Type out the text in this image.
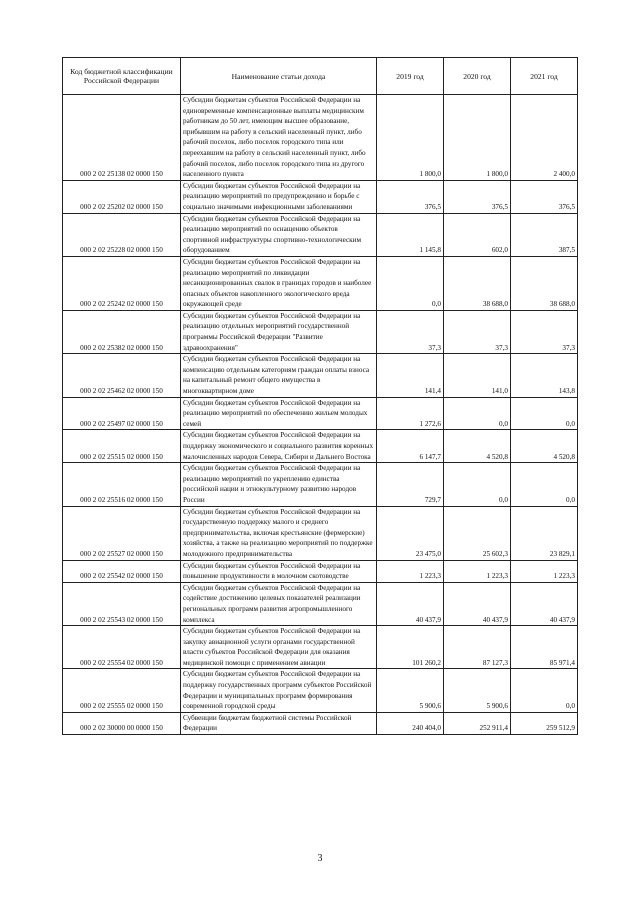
Код бюджетной классификации Российской Федерации	Наименование статьи дохода	2019 год	2020 год	2021 год
000 2 02 25138 02 0000 150	Субсидии бюджетам субъектов Российской Федерации на единовременные компенсационные выплаты медицинским работникам до 50 лет, имеющим высшее образование, прибывшим на работу в сельский населенный пункт, либо рабочий поселок, либо поселок городского типа или переехавшим на работу в сельский населенный пункт, либо рабочий поселок, либо поселок городского типа из другого населенного пункта	1 800,0	1 800,0	2 400,0
000 2 02 25202 02 0000 150	Субсидии бюджетам субъектов Российской Федерации на реализацию мероприятий по предупреждению и борьбе с социально значимыми инфекционными заболеваниями	376,5	376,5	376,5
000 2 02 25228 02 0000 150	Субсидии бюджетам субъектов Российской Федерации на реализацию мероприятий по оснащению объектов спортивной инфраструктуры спортивно-технологическим оборудованием	1 145,8	602,0	387,5
000 2 02 25242 02 0000 150	Субсидии бюджетам субъектов Российской Федерации на реализацию мероприятий по ликвидации несанкционированных свалок в границах городов и наиболее опасных объектов накопленного экологического вреда окружающей среде	0,0	38 688,0	38 688,0
000 2 02 25382 02 0000 150	Субсидии бюджетам субъектов Российской Федерации на реализацию отдельных мероприятий государственной программы Российской Федерации "Развитие здравоохранения"	37,3	37,3	37,3
000 2 02 25462 02 0000 150	Субсидии бюджетам субъектов Российской Федерации на компенсацию отдельным категориям граждан оплаты взноса на капитальный ремонт общего имущества в многоквартирном доме	141,4	141,0	143,8
000 2 02 25497 02 0000 150	Субсидии бюджетам субъектов Российской Федерации на реализацию мероприятий по обеспечению жильем молодых семей	1 272,6	0,0	0,0
000 2 02 25515 02 0000 150	Субсидии бюджетам субъектов Российской Федерации на поддержку экономического и социального развития коренных малочисленных народов Севера, Сибири и Дальнего Востока	6 147,7	4 520,8	4 520,8
000 2 02 25516 02 0000 150	Субсидии бюджетам субъектов Российской Федерации на реализацию мероприятий по укреплению единства российской нации и этнокультурному развитию народов России	729,7	0,0	0,0
000 2 02 25527 02 0000 150	Субсидии бюджетам субъектов Российской Федерации на государственную поддержку малого и среднего предпринимательства, включая крестьянские (фермерские) хозяйства, а также на реализацию мероприятий по поддержке молодежного предпринимательства	23 475,0	25 602,3	23 829,1
000 2 02 25542 02 0000 150	Субсидии бюджетам субъектов Российской Федерации на повышение продуктивности в молочном скотоводстве	1 223,3	1 223,3	1 223,3
000 2 02 25543 02 0000 150	Субсидии бюджетам субъектов Российской Федерации на содействие достижению целевых показателей реализации региональных программ развития агропромышленного комплекса	40 437,9	40 437,9	40 437,9
000 2 02 25554 02 0000 150	Субсидии бюджетам субъектов Российской Федерации на закупку авиационной услуги органами государственной власти субъектов Российской Федерации для оказания медицинской помощи с применением авиации	101 260,2	87 127,3	85 971,4
000 2 02 25555 02 0000 150	Субсидии бюджетам субъектов Российской Федерации на поддержку государственных программ субъектов Российской Федерации и муниципальных программ формирования современной городской среды	5 900,6	5 900,6	0,0
000 2 02 30000 00 0000 150	Субвенции бюджетам бюджетной системы Российской Федерации	240 404,0	252 911,4	259 512,9
3
